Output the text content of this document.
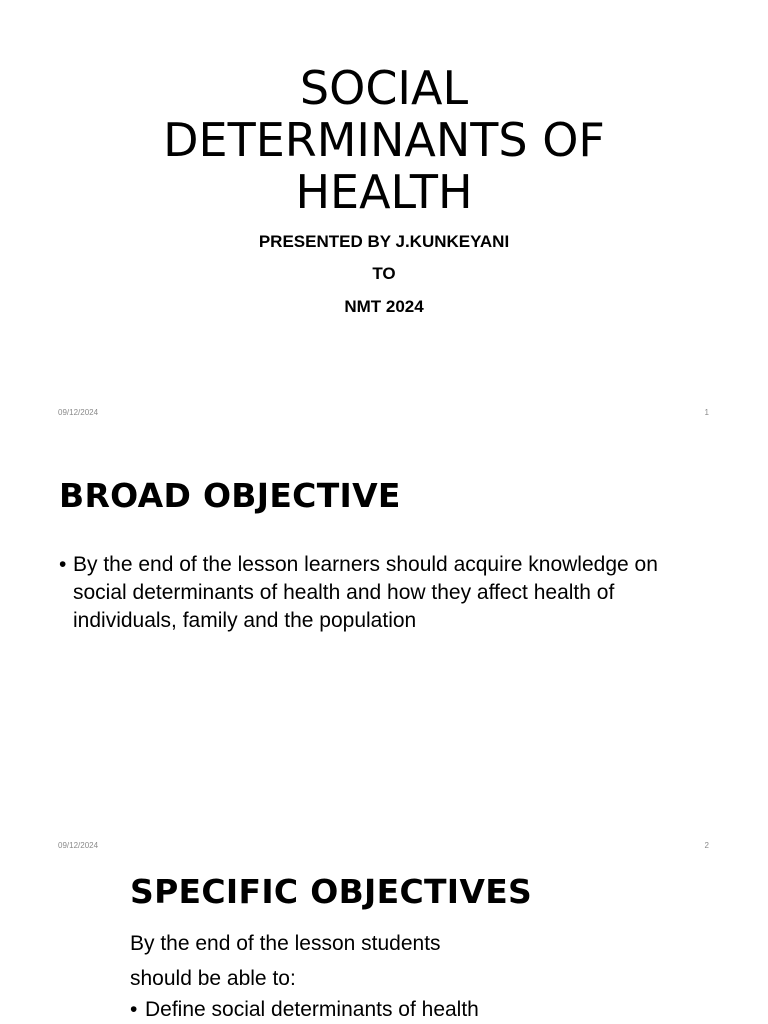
SOCIAL
DETERMINANTS OF
HEALTH
PRESENTED BY J.KUNKEYANI
TO
NMT 2024
09/12/2024	1
BROAD OBJECTIVE
• By the end of the lesson learners should acquire knowledge on social determinants of health and how they affect health of individuals, family and the population
09/12/2024	2
SPECIFIC OBJECTIVES
By the end of the lesson students
should be able to:
• Define social determinants of health
